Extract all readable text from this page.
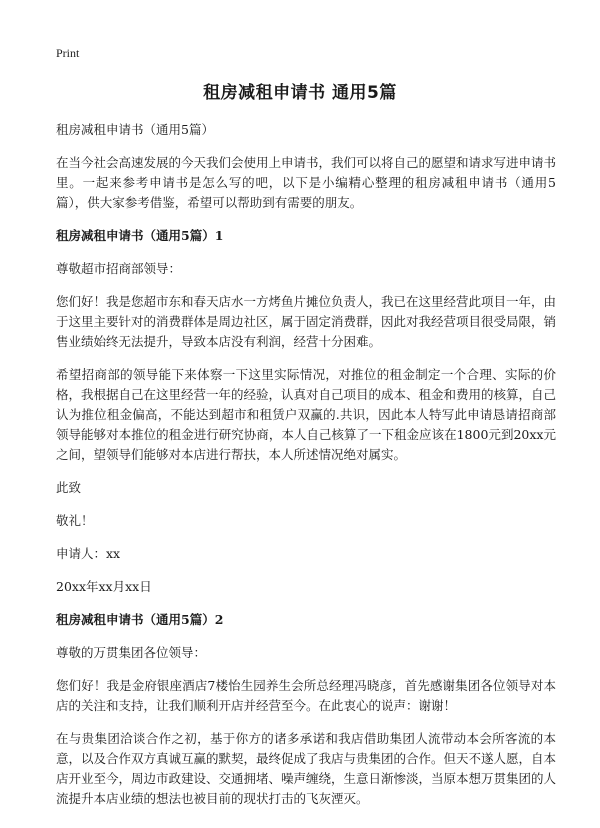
Print
租房减租申请书 通用5篇
租房减租申请书（通用5篇）
在当今社会高速发展的今天我们会使用上申请书，我们可以将自己的愿望和请求写进申请书里。一起来参考申请书是怎么写的吧，以下是小编精心整理的租房减租申请书（通用5篇），供大家参考借鉴，希望可以帮助到有需要的朋友。
租房减租申请书（通用5篇）1
尊敬超市招商部领导：
您们好！我是您超市东和春天店水一方烤鱼片摊位负责人，我已在这里经营此项目一年，由于这里主要针对的消费群体是周边社区，属于固定消费群，因此对我经营项目很受局限，销售业绩始终无法提升，导致本店没有利润，经营十分困难。
希望招商部的领导能下来体察一下这里实际情况，对推位的租金制定一个合理、实际的价格，我根据自己在这里经营一年的经验，认真对自己项目的成本、租金和费用的核算，自己认为推位租金偏高，不能达到超市和租赁户双赢的.共识，因此本人特写此申请恳请招商部领导能够对本推位的租金进行研究协商，本人自己核算了一下租金应该在1800元到20xx元之间，望领导们能够对本店进行帮扶，本人所述情况绝对属实。
此致
敬礼！
申请人：xx
20xx年xx月xx日
租房减租申请书（通用5篇）2
尊敬的万贯集团各位领导：
您们好！我是金府银座酒店7楼怡生园养生会所总经理冯晓彦，首先感谢集团各位领导对本店的关注和支持，让我们顺利开店并经营至今。在此衷心的说声：谢谢！
在与贵集团洽谈合作之初，基于你方的诸多承诺和我店借助集团人流带动本会所客流的本意，以及合作双方真诚互赢的默契，最终促成了我店与贵集团的合作。但天不遂人愿，自本店开业至今，周边市政建设、交通拥堵、噪声缠绕，生意日渐惨淡，当原本想万贯集团的人流提升本店业绩的想法也被目前的现状打击的飞灰湮灭。
